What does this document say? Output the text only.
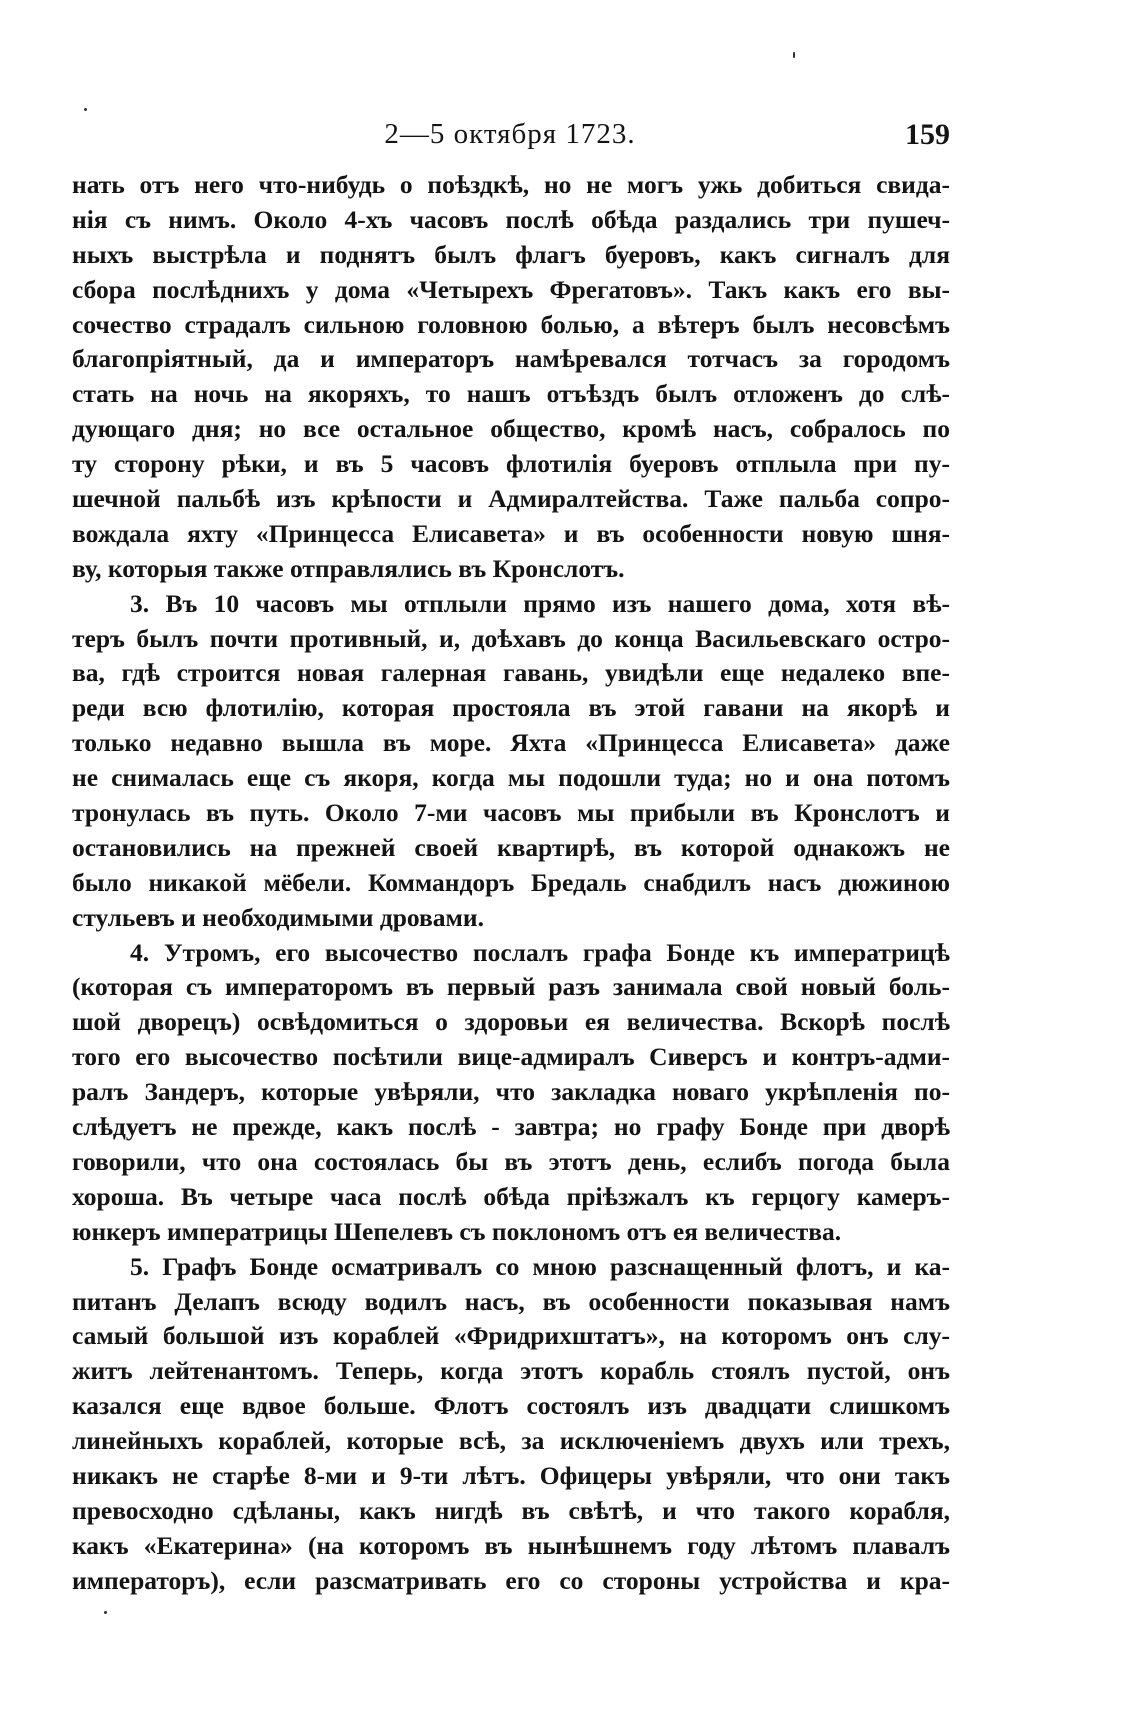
2—5 октября 1723.	159
нать отъ него что-нибудь о поѣздкѣ, но не могъ ужь добиться свида-
нія съ нимъ. Около 4-хъ часовъ послѣ обѣда раздались три пушеч-
ныхъ выстрѣла и поднятъ былъ флагъ буеровъ, какъ сигналъ для
сбора послѣднихъ у дома «Четырехъ Фрегатовъ». Такъ какъ его вы-
сочество страдалъ сильною головною болью, а вѣтеръ былъ несовсѣмъ
благопріятный, да и императоръ намѣревался тотчасъ за городомъ
стать на ночь на якоряхъ, то нашъ отъѣздъ былъ отложенъ до слѣ-
дующаго дня; но все остальное общество, кромѣ насъ, собралось по
ту сторону рѣки, и въ 5 часовъ флотилія буеровъ отплыла при пу-
шечной пальбѣ изъ крѣпости и Адмиралтейства. Таже пальба сопро-
вождала яхту «Принцесса Елисавета» и въ особенности новую шня-
ву, которыя также отправлялись въ Кронслотъ.
3. Въ 10 часовъ мы отплыли прямо изъ нашего дома, хотя вѣ-
теръ былъ почти противный, и, доѣхавъ до конца Васильевскаго остро-
ва, гдѣ строится новая галерная гавань, увидѣли еще недалеко впе-
реди всю флотилію, которая простояла въ этой гавани на якорѣ и
только недавно вышла въ море. Яхта «Принцесса Елисавета» даже
не снималась еще съ якоря, когда мы подошли туда; но и она потомъ
тронулась въ путь. Около 7-ми часовъ мы прибыли въ Кронслотъ и
остановились на прежней своей квартирѣ, въ которой однакожъ не
было никакой мёбели. Коммандоръ Бредаль снабдилъ насъ дюжиною
стульевъ и необходимыми дровами.
4. Утромъ, его высочество послалъ графа Бонде къ императрицѣ
(которая съ императоромъ въ первый разъ занимала свой новый боль-
шой дворецъ) освѣдомиться о здоровьи ея величества. Вскорѣ послѣ
того его высочество посѣтили вице-адмиралъ Сиверсъ и контръ-адми-
ралъ Зандеръ, которые увѣряли, что закладка новаго укрѣпленія по-
слѣдуетъ не прежде, какъ послѣ - завтра; но графу Бонде при дворѣ
говорили, что она состоялась бы въ этотъ день, еслибъ погода была
хороша. Въ четыре часа послѣ обѣда пріѣзжалъ къ герцогу камеръ-
юнкеръ императрицы Шепелевъ съ поклономъ отъ ея величества.
5. Графъ Бонде осматривалъ со мною разснащенный флотъ, и ка-
питанъ Делапъ всюду водилъ насъ, въ особенности показывая намъ
самый большой изъ кораблей «Фридрихштатъ», на которомъ онъ слу-
житъ лейтенантомъ. Теперь, когда этотъ корабль стоялъ пустой, онъ
казался еще вдвое больше. Флотъ состоялъ изъ двадцати слишкомъ
линейныхъ кораблей, которые всѣ, за исключеніемъ двухъ или трехъ,
никакъ не старѣе 8-ми и 9-ти лѣтъ. Офицеры увѣряли, что они такъ
превосходно сдѣланы, какъ нигдѣ въ свѣтѣ, и что такого корабля,
какъ «Екатерина» (на которомъ въ нынѣшнемъ году лѣтомъ плавалъ
императоръ), если разсматривать его со стороны устройства и кра-
